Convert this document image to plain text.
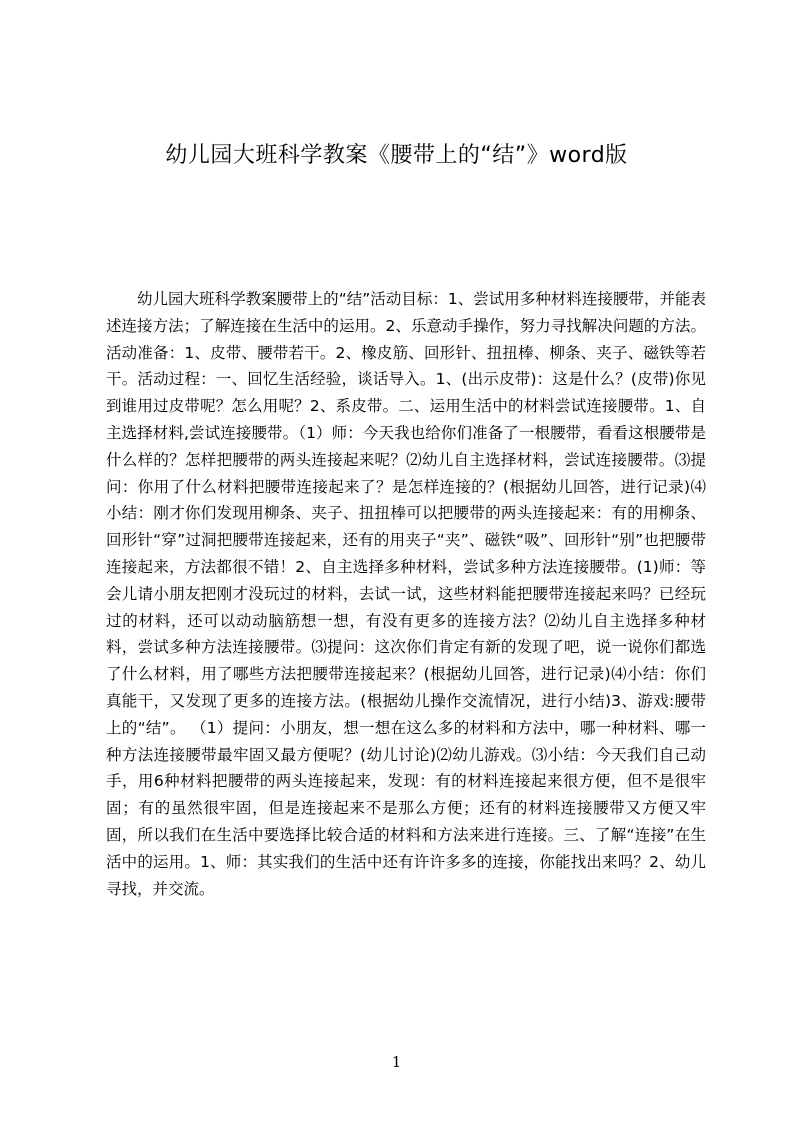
幼儿园大班科学教案《腰带上的“结”》word版

幼儿园大班科学教案腰带上的“结”活动目标：1、尝试用多种材料连接腰带，并能表述连接方法；了解连接在生活中的运用。2、乐意动手操作，努力寻找解决问题的方法。活动准备：1、皮带、腰带若干。2、橡皮筋、回形针、扭扭棒、柳条、夹子、磁铁等若干。活动过程：一、回忆生活经验，谈话导入。1、(出示皮带)：这是什么？(皮带)你见到谁用过皮带呢？怎么用呢？2、系皮带。二、运用生活中的材料尝试连接腰带。1、自主选择材料,尝试连接腰带。（1）师：今天我也给你们准备了一根腰带，看看这根腰带是什么样的？怎样把腰带的两头连接起来呢？⑵幼儿自主选择材料，尝试连接腰带。⑶提问：你用了什么材料把腰带连接起来了？是怎样连接的？(根据幼儿回答，进行记录)⑷小结：刚才你们发现用柳条、夹子、扭扭棒可以把腰带的两头连接起来：有的用柳条、回形针“穿”过洞把腰带连接起来，还有的用夹子“夹”、磁铁“吸”、回形针“别”也把腰带连接起来，方法都很不错！2、自主选择多种材料，尝试多种方法连接腰带。(1)师：等会儿请小朋友把刚才没玩过的材料，去试一试，这些材料能把腰带连接起来吗？已经玩过的材料，还可以动动脑筋想一想，有没有更多的连接方法？⑵幼儿自主选择多种材料，尝试多种方法连接腰带。⑶提问：这次你们肯定有新的发现了吧，说一说你们都选了什么材料，用了哪些方法把腰带连接起来？(根据幼儿回答，进行记录)⑷小结：你们真能干，又发现了更多的连接方法。(根据幼儿操作交流情况，进行小结)3、游戏:腰带上的“结”。 （1）提问：小朋友，想一想在这么多的材料和方法中，哪一种材料、哪一种方法连接腰带最牢固又最方便呢？(幼儿讨论)⑵幼儿游戏。⑶小结：今天我们自己动手，用6种材料把腰带的两头连接起来，发现：有的材料连接起来很方便，但不是很牢固；有的虽然很牢固，但是连接起来不是那么方便；还有的材料连接腰带又方便又牢固，所以我们在生活中要选择比较合适的材料和方法来进行连接。三、了解“连接”在生活中的运用。1、师：其实我们的生活中还有许许多多的连接，你能找出来吗？2、幼儿寻找，并交流。

1
